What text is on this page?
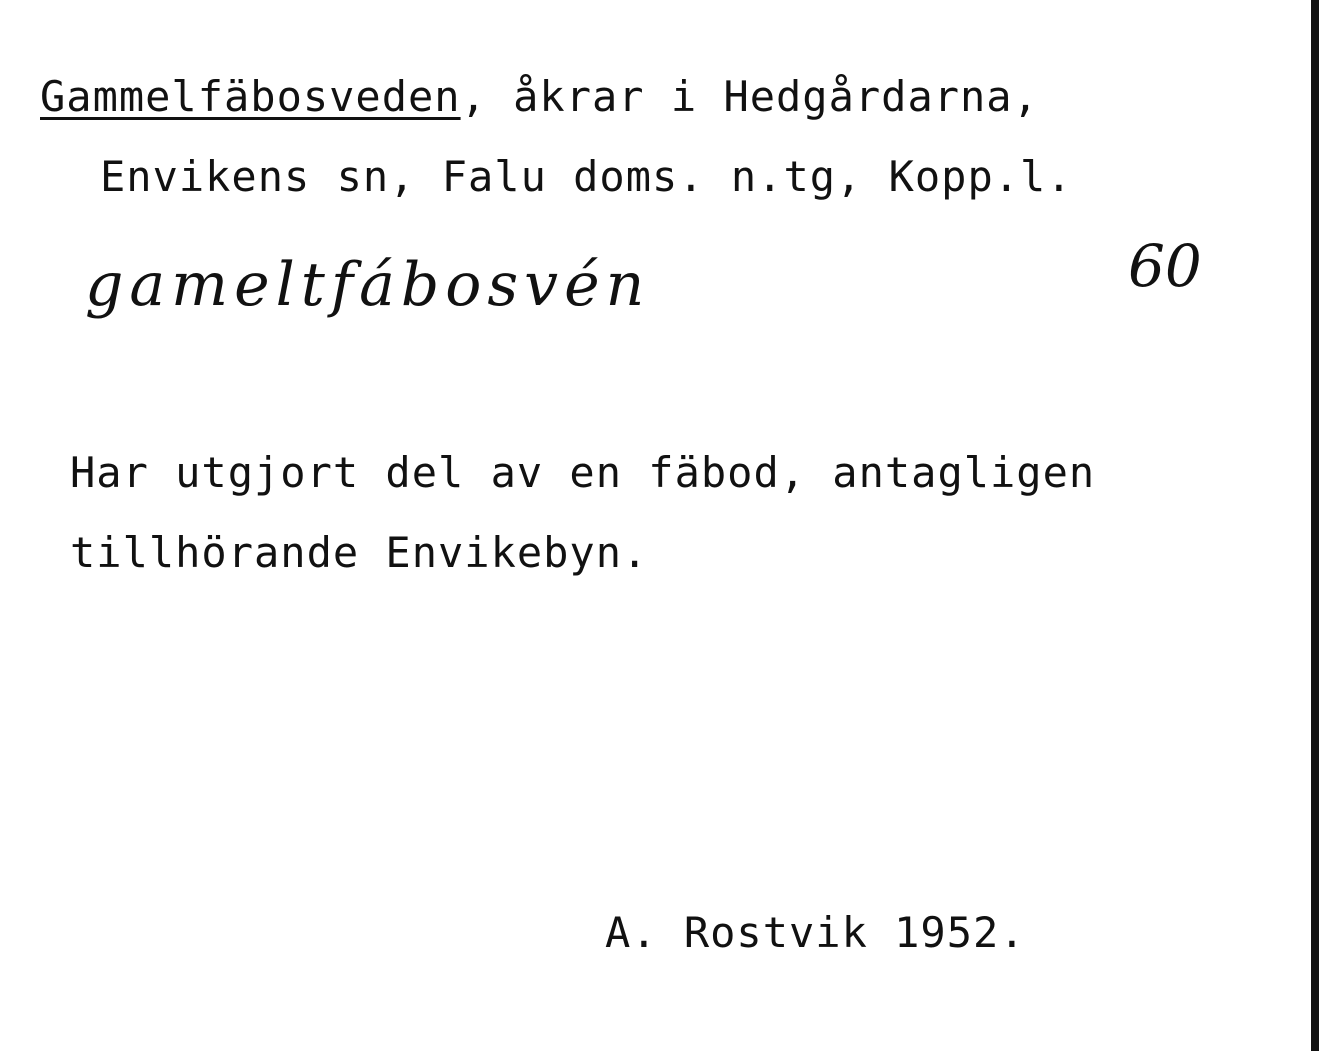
Gammelfäbosveden, åkrar i Hedgårdarna,
Envikens sn, Falu doms. n.tg, Kopp.l.
gameltfábosvén	60
Har utgjort del av en fäbod, antagligen
tillhörande Envikebyn.
A. Rostvik 1952.
